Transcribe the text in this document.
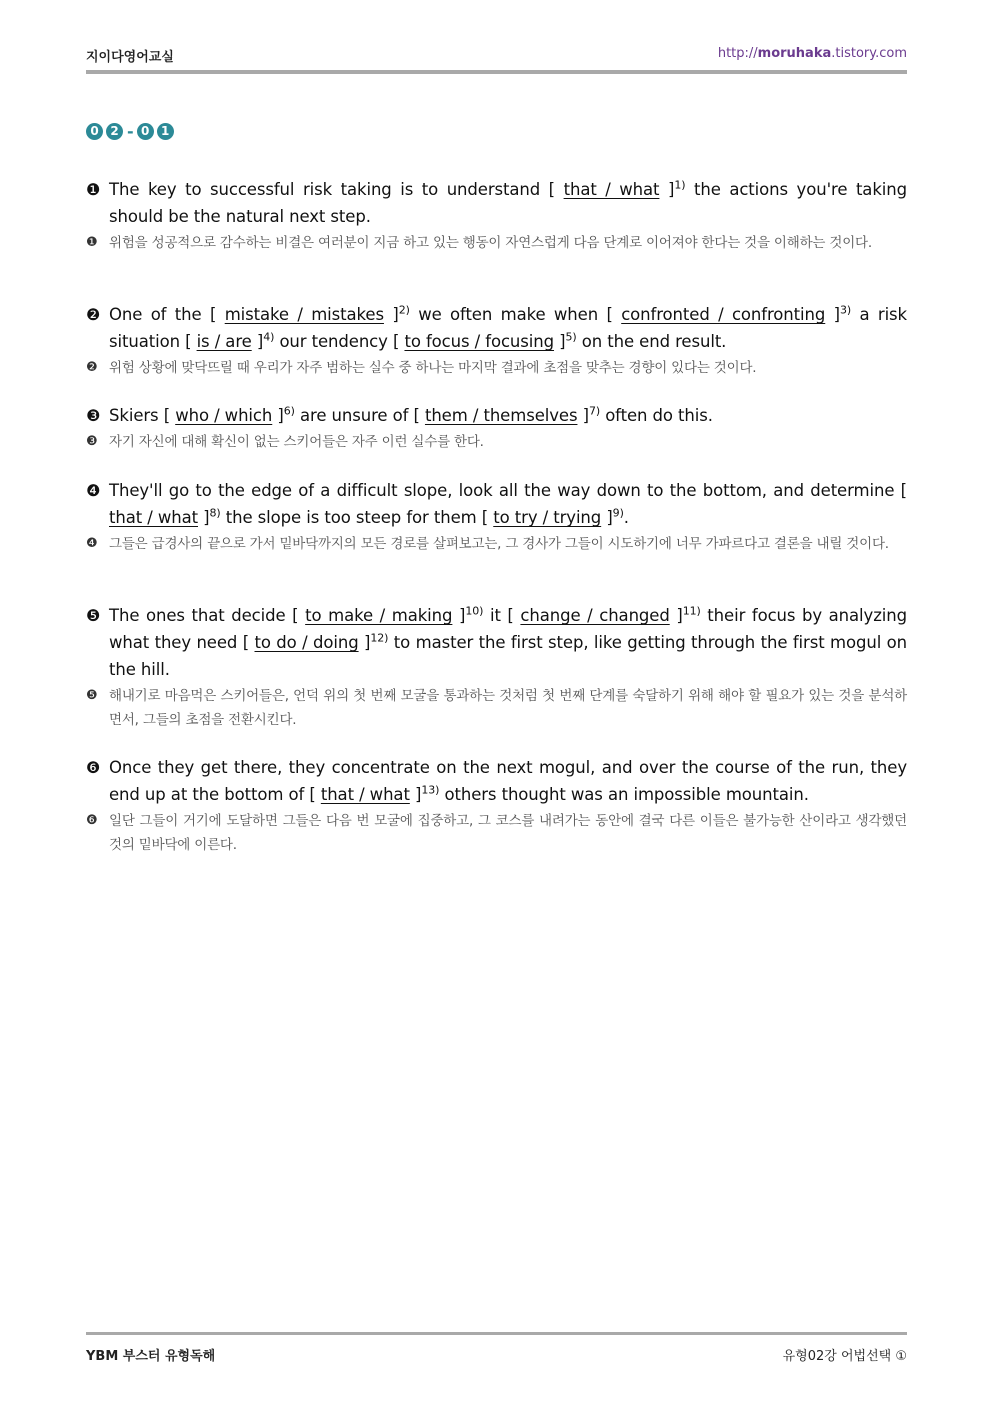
지이다영어교실	http://moruhaka.tistory.com
0 2 - 0 1
❶ The key to successful risk taking is to understand [ that / what ]$^{1)}$ the actions you're taking should be the natural next step.
❶ 위험을 성공적으로 감수하는 비결은 여러분이 지금 하고 있는 행동이 자연스럽게 다음 단계로 이어져야 한다는 것을 이해하는 것이다.
❷ One of the [ mistake / mistakes ]$^{2)}$ we often make when [ confronted / confronting ]$^{3)}$ a risk situation [ is / are ]$^{4)}$ our tendency [ to focus / focusing ]$^{5)}$ on the end result.
❷ 위험 상황에 맞닥뜨릴 때 우리가 자주 범하는 실수 중 하나는 마지막 결과에 초점을 맞추는 경향이 있다는 것이다.
❸ Skiers [ who / which ]$^{6)}$ are unsure of [ them / themselves ]$^{7)}$ often do this.
❸ 자기 자신에 대해 확신이 없는 스키어들은 자주 이런 실수를 한다.
❹ They'll go to the edge of a difficult slope, look all the way down to the bottom, and determine [ that / what ]$^{8)}$ the slope is too steep for them [ to try / trying ]$^{9)}$.
❹ 그들은 급경사의 끝으로 가서 밑바닥까지의 모든 경로를 살펴보고는, 그 경사가 그들이 시도하기에 너무 가파르다고 결론을 내릴 것이다.
❺ The ones that decide [ to make / making ]$^{10)}$ it [ change / changed ]$^{11)}$ their focus by analyzing what they need [ to do / doing ]$^{12)}$ to master the first step, like getting through the first mogul on the hill.
❺ 해내기로 마음먹은 스키어들은, 언덕 위의 첫 번째 모굴을 통과하는 것처럼 첫 번째 단계를 숙달하기 위해 해야 할 필요가 있는 것을 분석하면서, 그들의 초점을 전환시킨다.
❻ Once they get there, they concentrate on the next mogul, and over the course of the run, they end up at the bottom of [ that / what ]$^{13)}$ others thought was an impossible mountain.
❻ 일단 그들이 거기에 도달하면 그들은 다음 번 모굴에 집중하고, 그 코스를 내려가는 동안에 결국 다른 이들은 불가능한 산이라고 생각했던 것의 밑바닥에 이른다.
YBM 부스터 유형독해	유형02강 어법선택 ①
